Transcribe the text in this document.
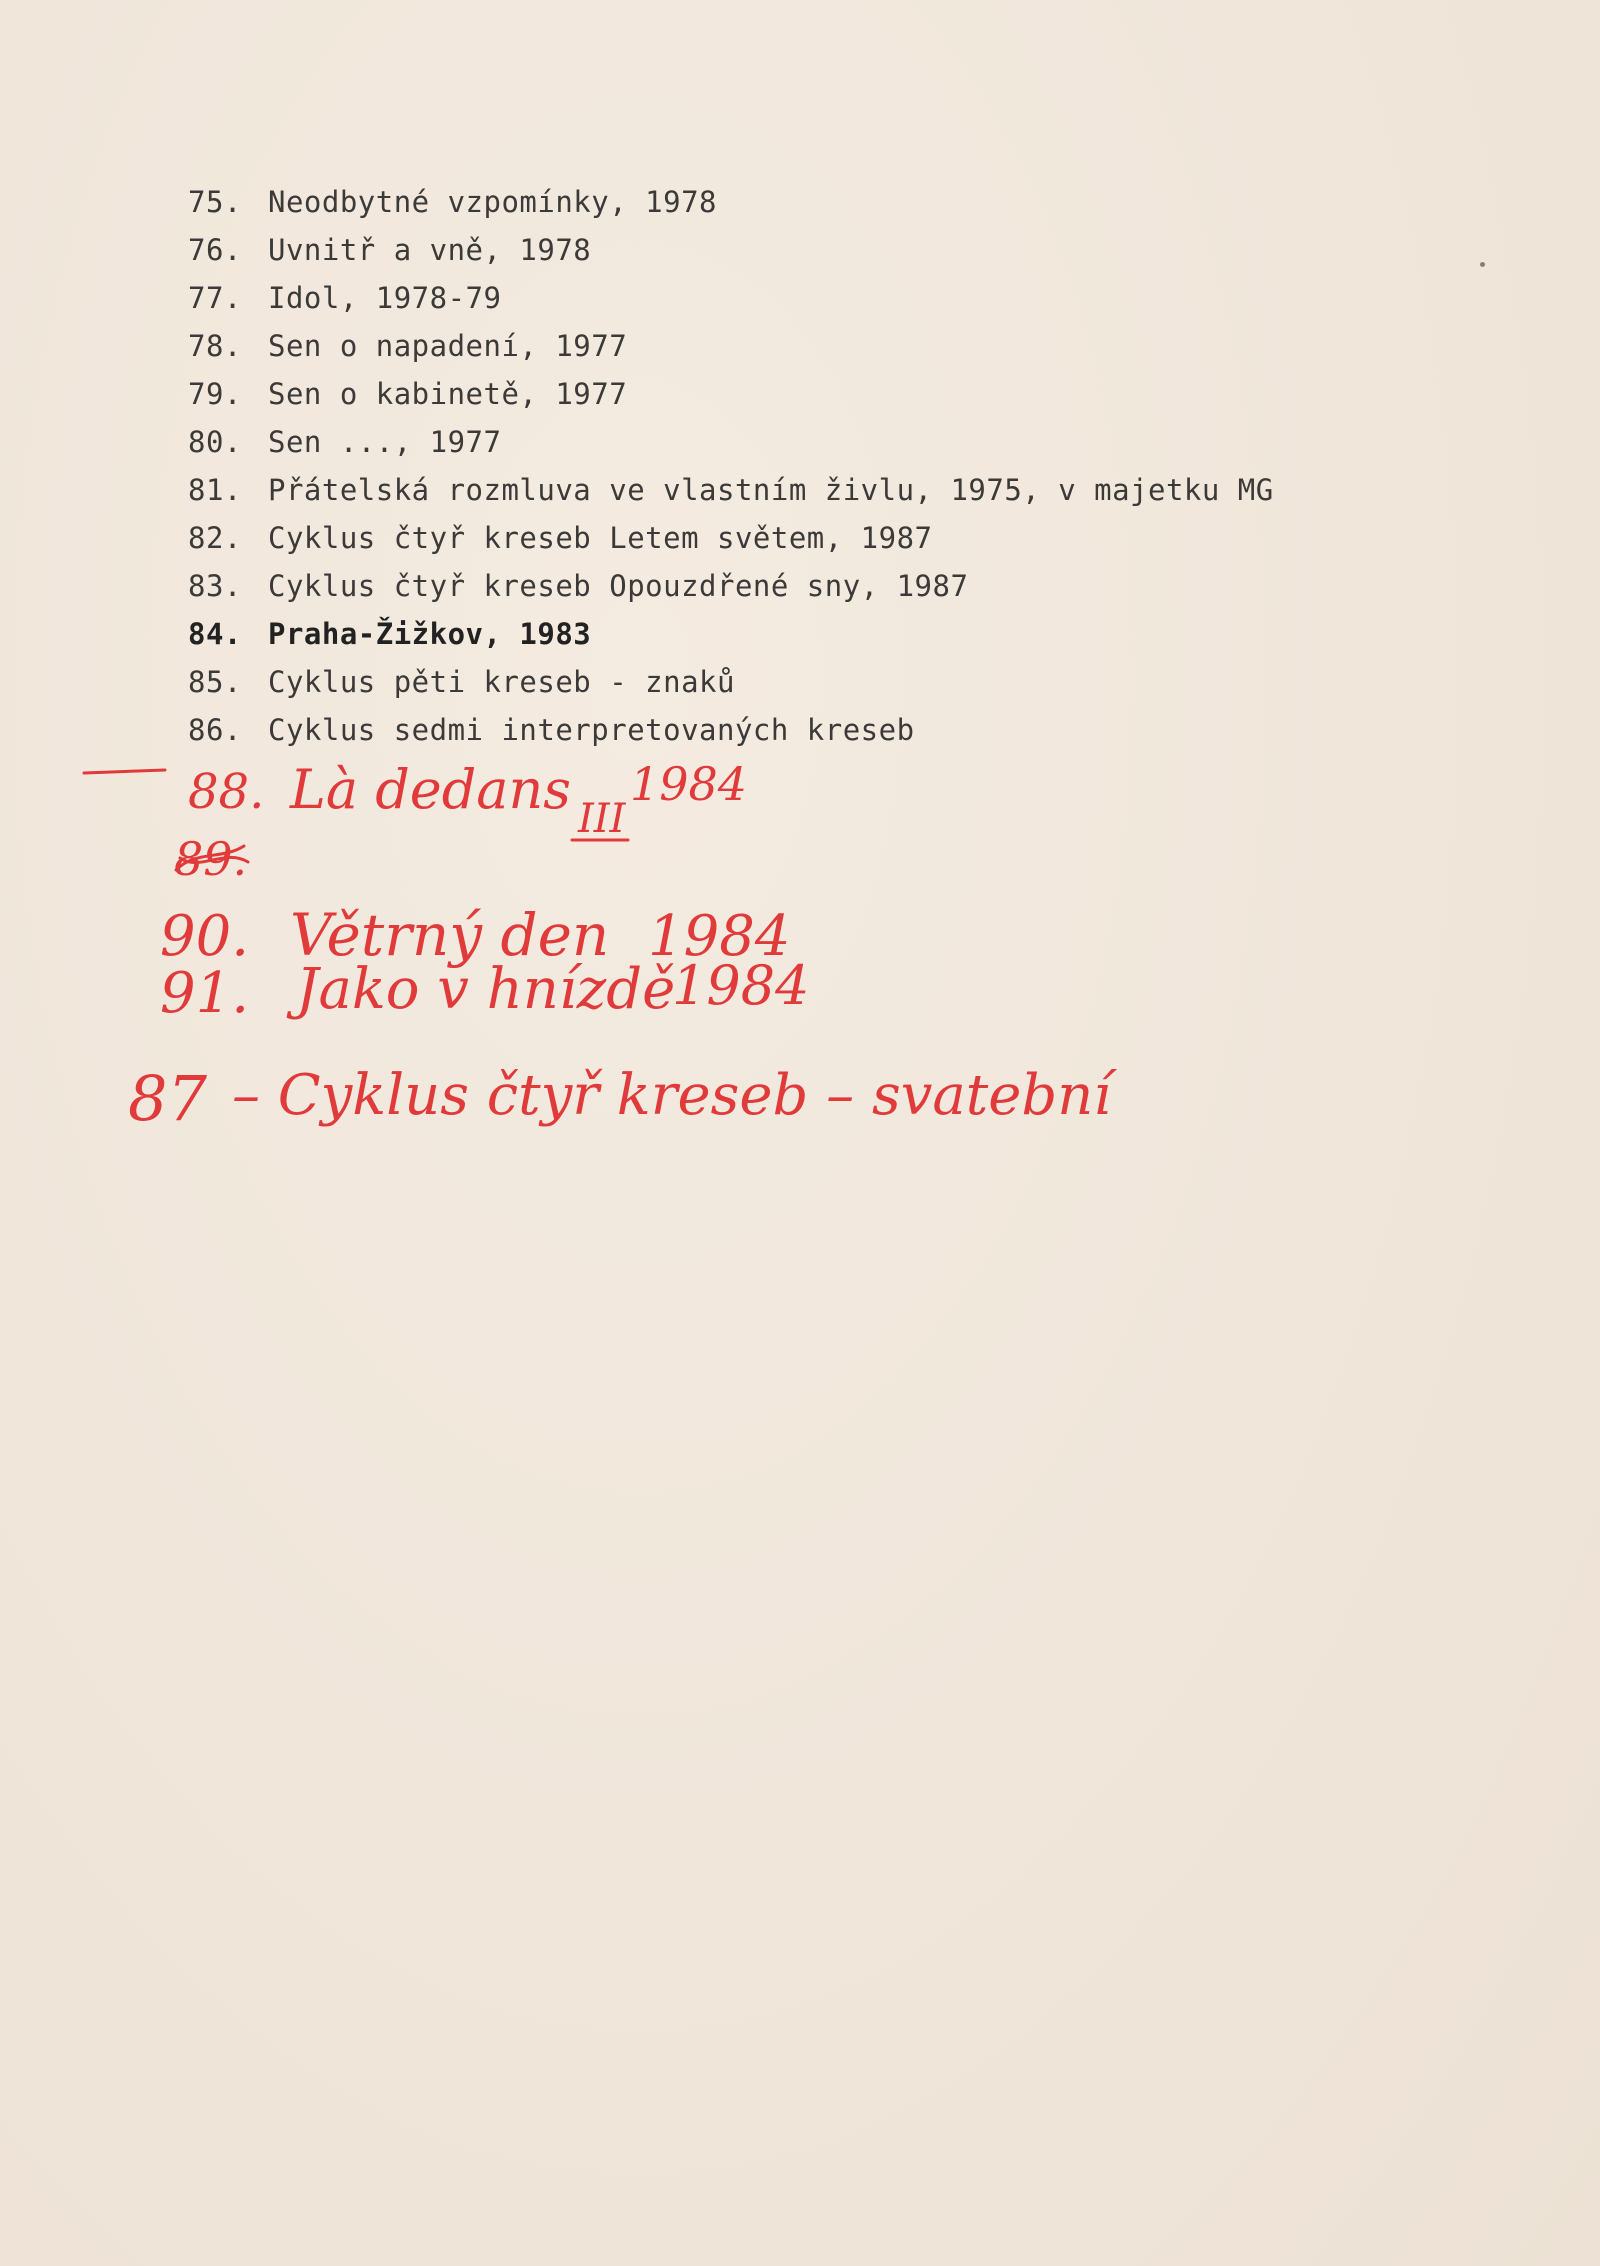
75. Neodbytné vzpomínky, 1978
76. Uvnitř a vně, 1978
77. Idol, 1978-79
78. Sen o napadení, 1977
79. Sen o kabinetě, 1977
80. Sen ..., 1977
81. Přátelská rozmluva ve vlastním živlu, 1975, v majetku MG
82. Cyklus čtyř kreseb Letem světem, 1987
83. Cyklus čtyř kreseb Opouzdřené sny, 1987
84. Praha-Žižkov, 1983
85. Cyklus pěti kreseb - znaků
86. Cyklus sedmi interpretovaných kreseb
88. Là dedans III
1984
89.
90. Větrný den 1984
91. Jako v hnízdě
1984
87 – Cyklus čtyř kreseb – svatební
